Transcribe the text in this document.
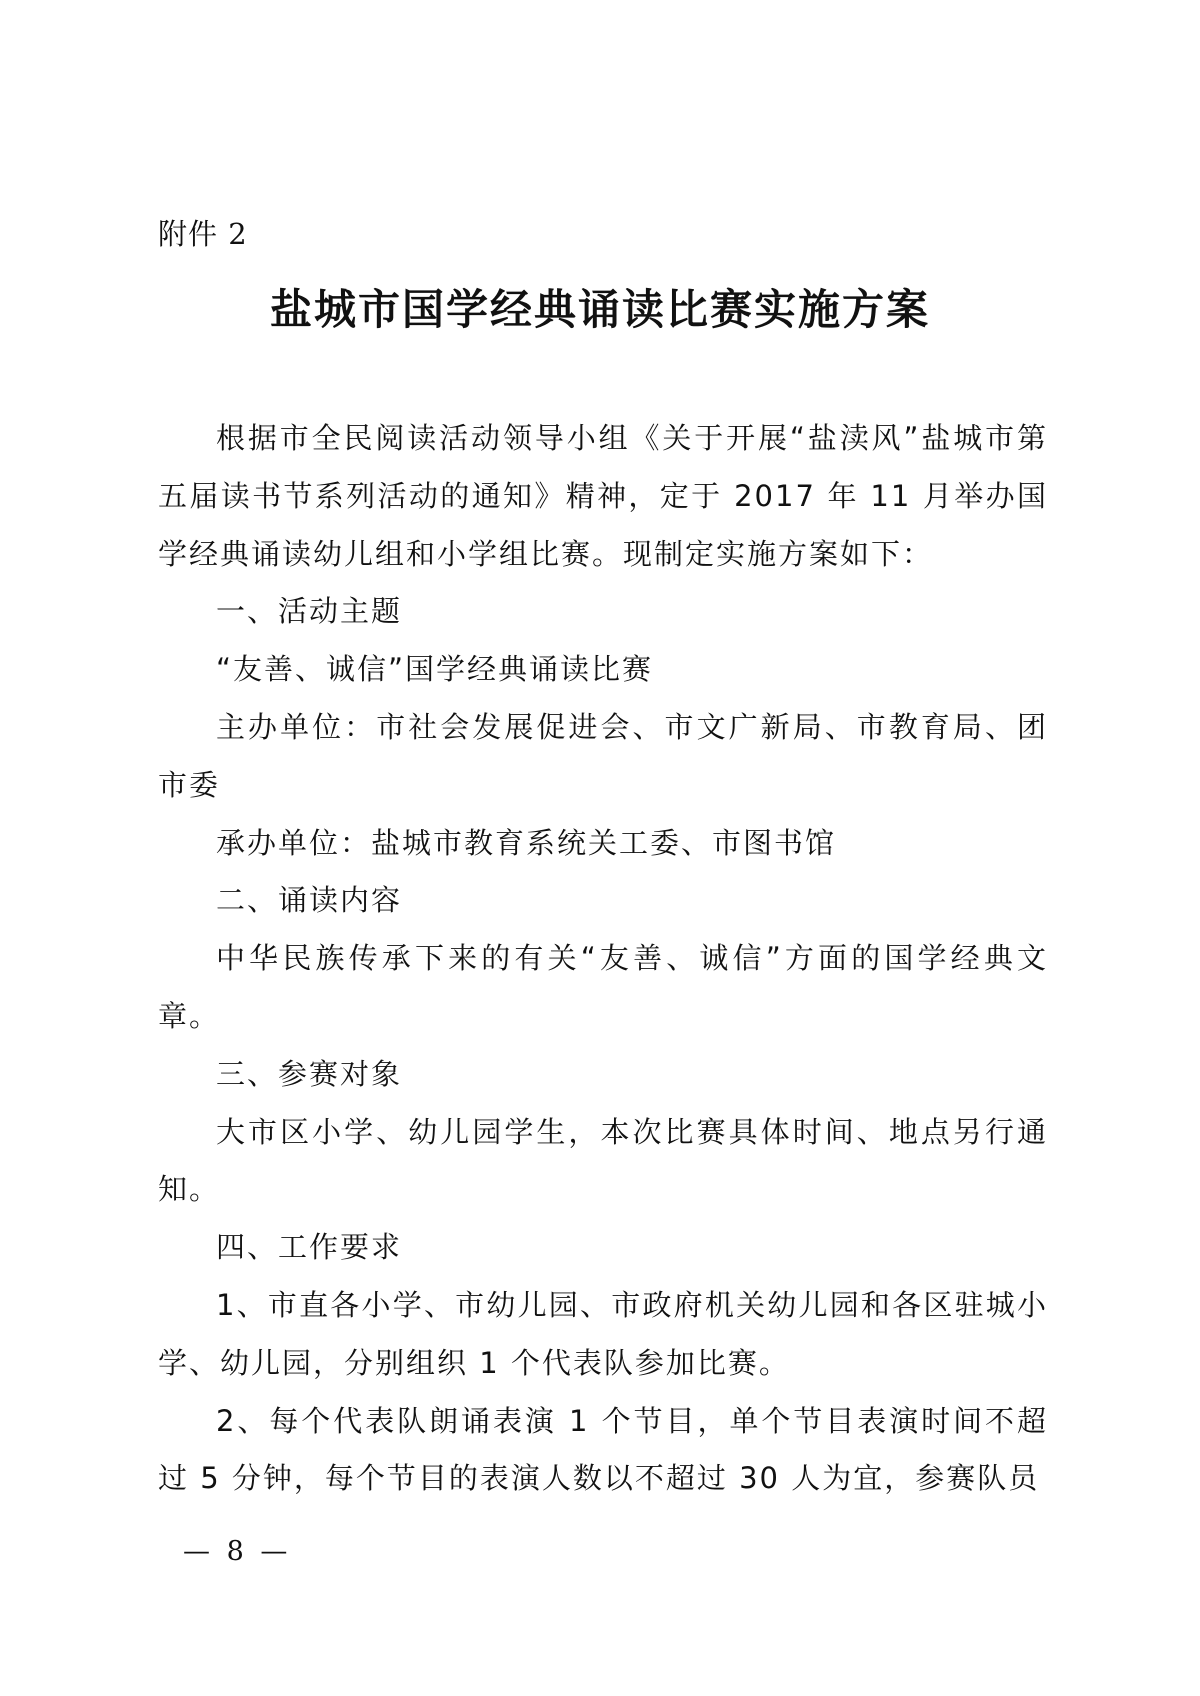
附件 2
盐城市国学经典诵读比赛实施方案

根据市全民阅读活动领导小组《关于开展“盐渎风”盐城市第五届读书节系列活动的通知》精神，定于 2017 年 11 月举办国学经典诵读幼儿组和小学组比赛。现制定实施方案如下：

一、活动主题

“友善、诚信”国学经典诵读比赛

主办单位：市社会发展促进会、市文广新局、市教育局、团市委

承办单位：盐城市教育系统关工委、市图书馆

二、诵读内容

中华民族传承下来的有关“友善、诚信”方面的国学经典文章。

三、参赛对象

大市区小学、幼儿园学生，本次比赛具体时间、地点另行通知。

四、工作要求

1、市直各小学、市幼儿园、市政府机关幼儿园和各区驻城小学、幼儿园，分别组织 1 个代表队参加比赛。

2、每个代表队朗诵表演 1 个节目，单个节目表演时间不超过 5 分钟，每个节目的表演人数以不超过 30 人为宜，参赛队员

— 8 —
